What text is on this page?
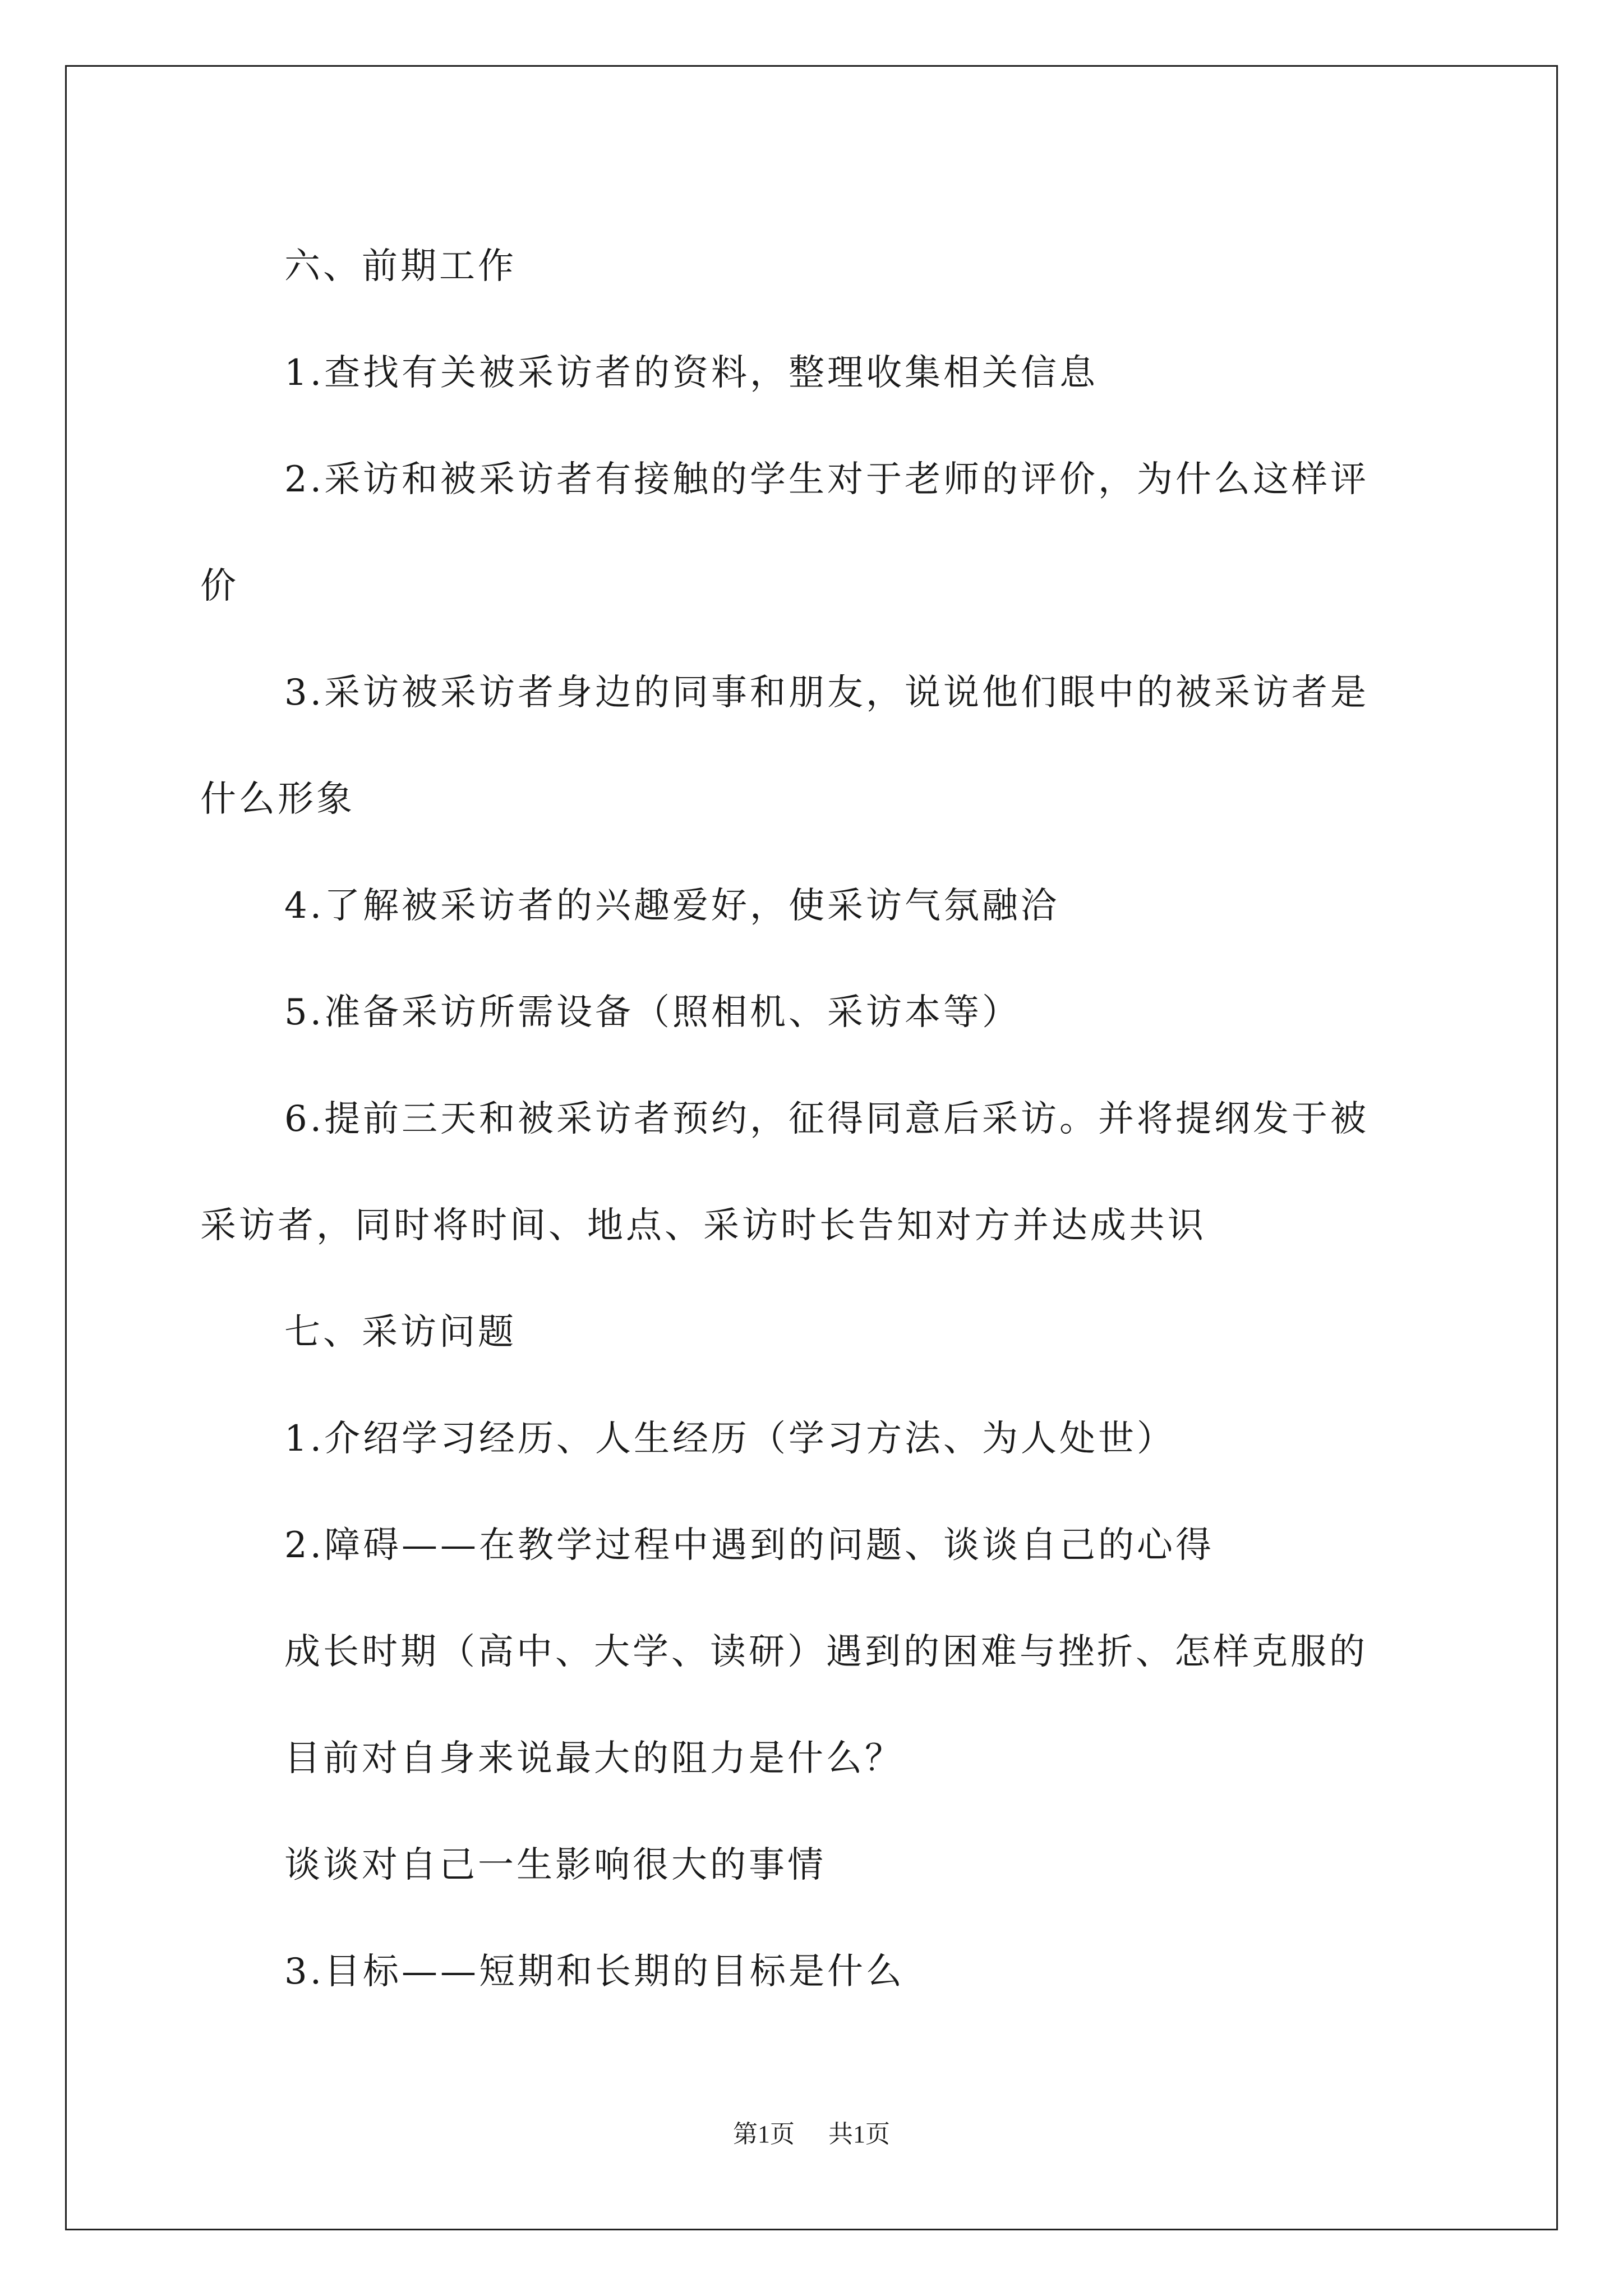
六、前期工作
1.查找有关被采访者的资料，整理收集相关信息
2.采访和被采访者有接触的学生对于老师的评价，为什么这样评
价
3.采访被采访者身边的同事和朋友，说说他们眼中的被采访者是
什么形象
4.了解被采访者的兴趣爱好，使采访气氛融洽
5.准备采访所需设备（照相机、采访本等）
6.提前三天和被采访者预约，征得同意后采访。并将提纲发于被
采访者，同时将时间、地点、采访时长告知对方并达成共识
七、采访问题
1.介绍学习经历、人生经历（学习方法、为人处世）
2.障碍——在教学过程中遇到的问题、谈谈自己的心得
成长时期（高中、大学、读研）遇到的困难与挫折、怎样克服的
目前对自身来说最大的阻力是什么？
谈谈对自己一生影响很大的事情
3.目标——短期和长期的目标是什么
第1页 共1页
